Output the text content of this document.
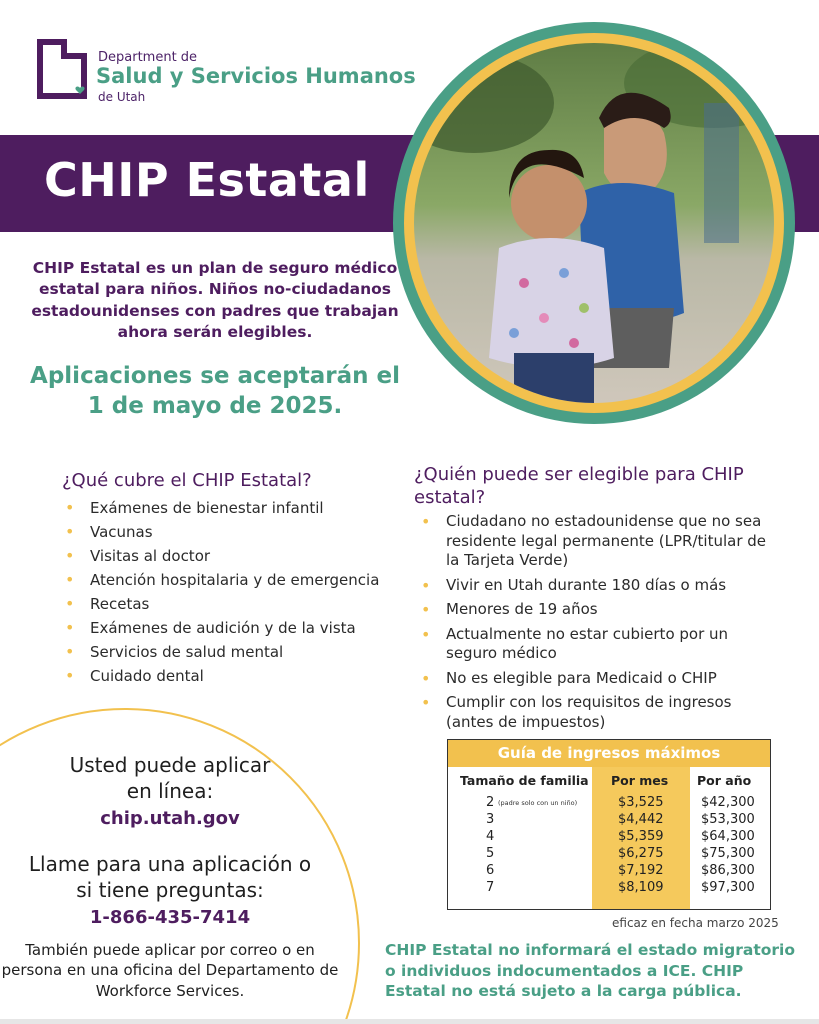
Department de
Salud y Servicios Humanos
de Utah
CHIP Estatal
CHIP Estatal es un plan de seguro médico estatal para niños. Niños no-ciudadanos estadounidenses con padres que trabajan ahora serán elegibles.
Aplicaciones se aceptarán el 1 de mayo de 2025.
¿Qué cubre el CHIP Estatal?
• Exámenes de bienestar infantil
• Vacunas
• Visitas al doctor
• Atención hospitalaria y de emergencia
• Recetas
• Exámenes de audición y de la vista
• Servicios de salud mental
• Cuidado dental
¿Quién puede ser elegible para CHIP estatal?
• Ciudadano no estadounidense que no sea residente legal permanente (LPR/titular de la Tarjeta Verde)
• Vivir en Utah durante 180 días o más
• Menores de 19 años
• Actualmente no estar cubierto por un seguro médico
• No es elegible para Medicaid o CHIP
• Cumplir con los requisitos de ingresos (antes de impuestos)
Usted puede aplicar
en línea:
chip.utah.gov
Llame para una aplicación o
si tiene preguntas:
1-866-435-7414
También puede aplicar por correo o en persona en una oficina del Departamento de Workforce Services.
Guía de ingresos máximos
Tamaño de familia Por mes Por año
2 (padre solo con un niño)	$3,525	$42,300
3	$4,442	$53,300
4	$5,359	$64,300
5	$6,275	$75,300
6	$7,192	$86,300
7	$8,109	$97,300
eficaz en fecha marzo 2025
CHIP Estatal no informará el estado migratorio o individuos indocumentados a ICE. CHIP Estatal no está sujeto a la carga pública.
